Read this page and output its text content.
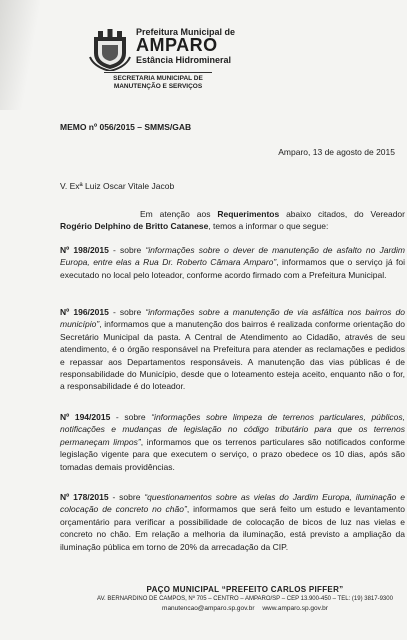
Prefeitura Municipal de
AMPARO
Estância Hidromineral
SECRETARIA MUNICIPAL DE
MANUTENÇÃO E SERVIÇOS
MEMO nº 056/2015 – SMMS/GAB
Amparo, 13 de agosto de 2015
V. Exª Luiz Oscar Vitale Jacob
Em atenção aos Requerimentos abaixo citados, do Vereador Rogério Delphino de Britto Catanese, temos a informar o que segue:
Nº 198/2015 - sobre “informações sobre o dever de manutenção de asfalto no Jardim Europa, entre elas a Rua Dr. Roberto Câmara Amparo”, informamos que o serviço já foi executado no local pelo loteador, conforme acordo firmado com a Prefeitura Municipal.
Nº 196/2015 - sobre “informações sobre a manutenção de via asfáltica nos bairros do município”, informamos que a manutenção dos bairros é realizada conforme orientação do Secretário Municipal da pasta. A Central de Atendimento ao Cidadão, através de seu atendimento, é o órgão responsável na Prefeitura para atender as reclamações e pedidos e repassar aos Departamentos responsáveis. A manutenção das vias públicas é de responsabilidade do Município, desde que o loteamento esteja aceito, enquanto não o for, a responsabilidade é do loteador.
Nº 194/2015 - sobre “informações sobre limpeza de terrenos particulares, públicos, notificações e mudanças de legislação no código tributário para que os terrenos permaneçam limpos”, informamos que os terrenos particulares são notificados conforme legislação vigente para que executem o serviço, o prazo obedece os 10 dias, após são tomadas demais providências.
Nº 178/2015 - sobre “questionamentos sobre as vielas do Jardim Europa, iluminação e colocação de concreto no chão”, informamos que será feito um estudo e levantamento orçamentário para verificar a possibilidade de colocação de bicos de luz nas vielas e concreto no chão. Em relação a melhoria da iluminação, está previsto a ampliação da iluminação pública em torno de 20% da arrecadação da CIP.
PAÇO MUNICIPAL “PREFEITO CARLOS PIFFER”
AV. BERNARDINO DE CAMPOS, Nº 705 – CENTRO – AMPARO/SP – CEP 13.900-450 – TEL: (19) 3817-9300
manutencao@amparo.sp.gov.br www.amparo.sp.gov.br
